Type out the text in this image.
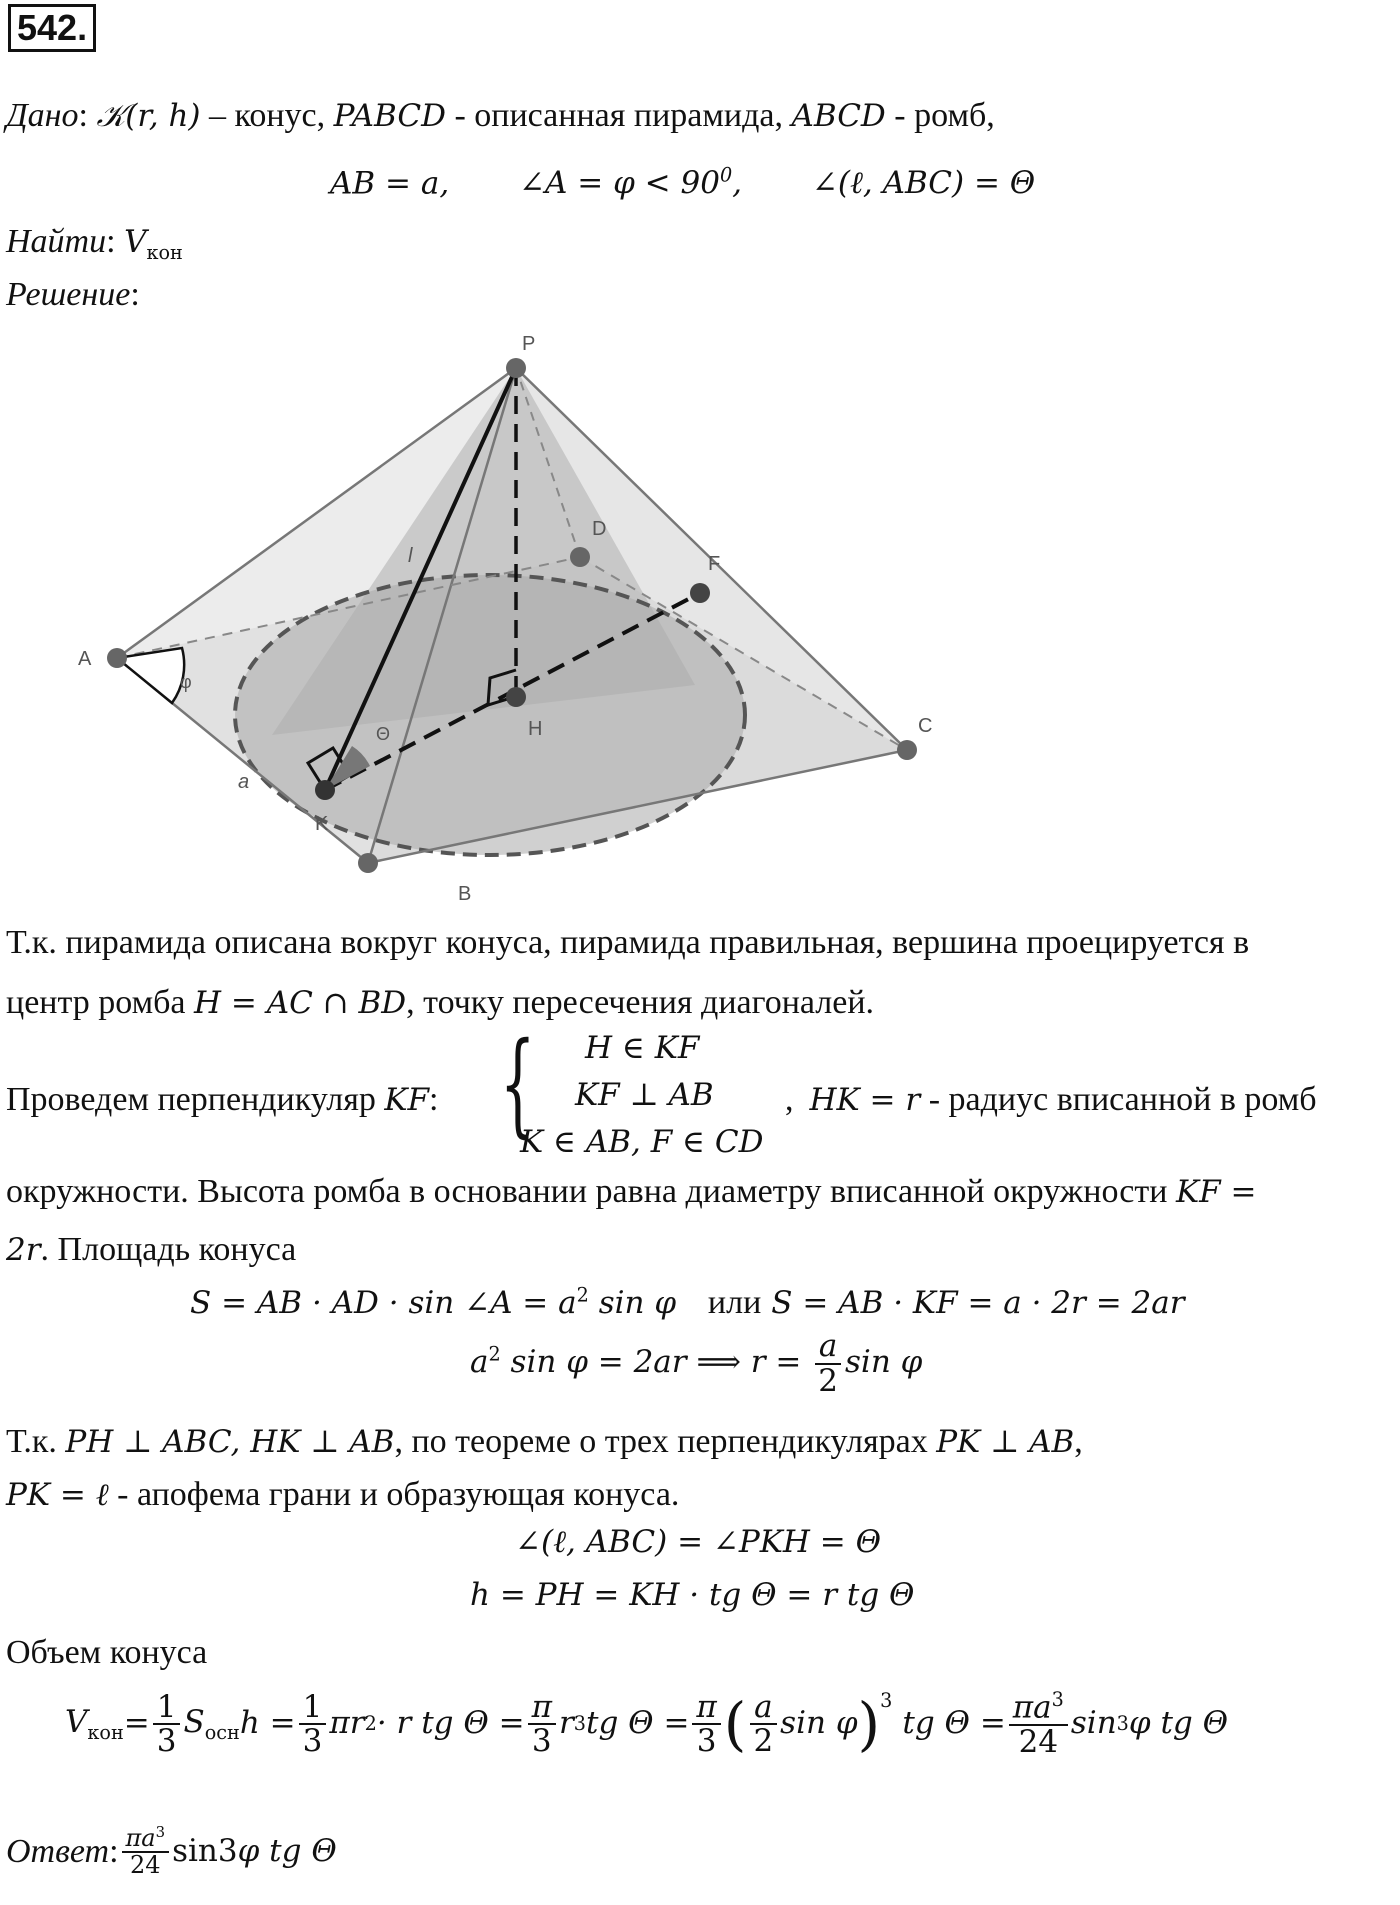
542.
Дано: 𝒦(r, h) – конус, PABCD - описанная пирамида, ABCD - ромб,
AB = a, ∠A = $\varphi < 90^0$, ∠(ℓ, ABC) = Θ
Найти: $V_{кон}$
Решение:
P
A
B
C
D
F
H
K
l
a
φ
Θ
Т.к. пирамида описана вокруг конуса, пирамида правильная, вершина проецируется в
центр ромба H = AC ∩ BD, точку пересечения диагоналей.
Проведем перпендикуляр KF: { H ∈ KF
KF ⊥ AB
K ∈ AB, F ∈ CD
, HK = r - радиус вписанной в ромб
окружности. Высота ромба в основании равна диаметру вписанной окружности KF =
2r. Площадь конуса
S = AB · AD · sin ∠A = $a^2$ sin φ или S = AB · KF = a · 2r = 2ar
$a^2$ sin φ = 2ar ⟹ $r = \frac{a}{2}$ sin φ
Т.к. PH ⊥ ABC, HK ⊥ AB, по теореме о трех перпендикулярах PK ⊥ AB,
PK = ℓ - апофема грани и образующая конуса.
∠(ℓ, ABC) = ∠PKH = Θ
h = PH = KH · tg Θ = r tg Θ
Объем конуса
$V_{кон} = \frac{1}{3} S_{осн}$ $h = \frac{1}{3}$ πr 2 · r tg $\Theta = \frac{\pi}{3}$ r 3 tg $\Theta = \frac{\pi}{3}$ ( $\frac{a}{2}$ sin φ )$^3$
tg $\Theta = \frac{\pi a^3}{24}$ sin 3 φ tg Θ
Ответ : $\frac{\pi a^3}{24}$ sin 3 φ tg Θ
